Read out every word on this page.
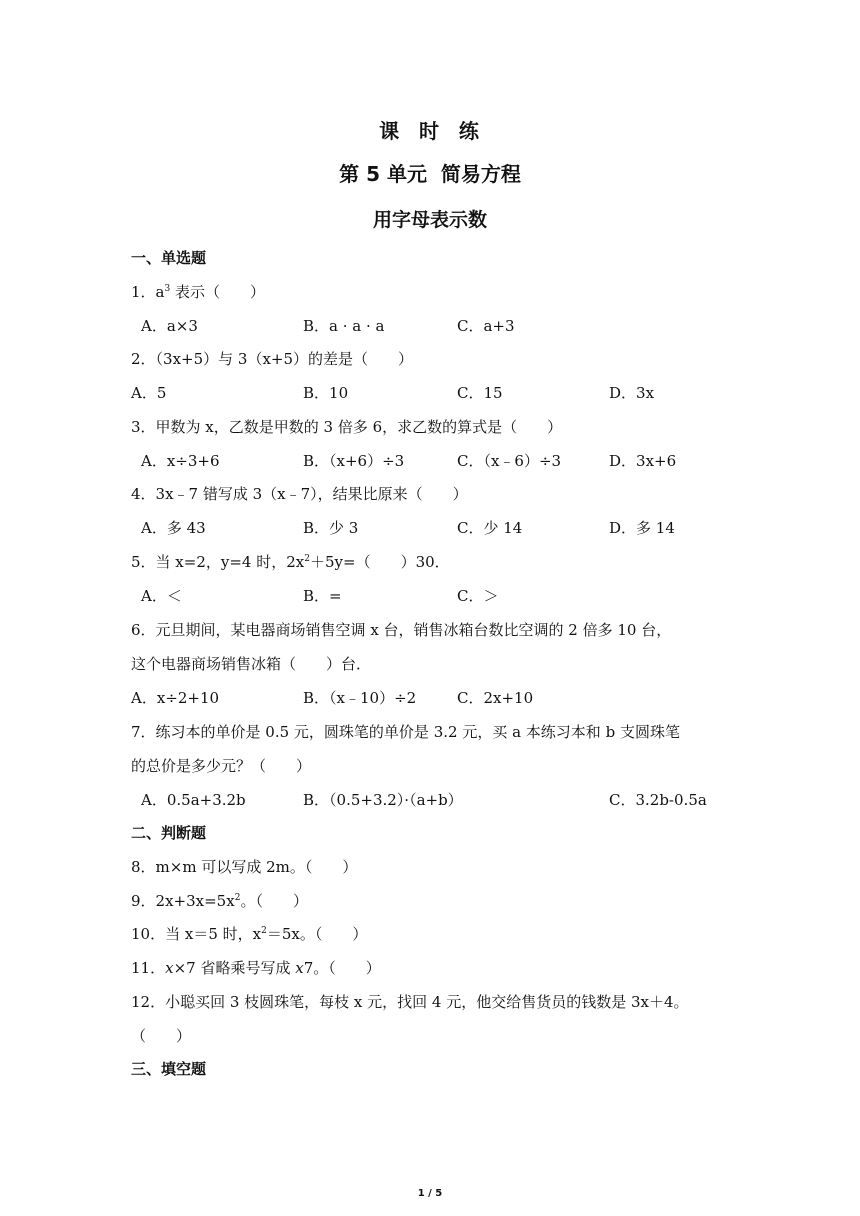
课  时  练
第 5 单元  简易方程
用字母表示数
一、单选题
1．$a^3$ 表示（　　）
A．a×3	B．a · a · a	C．a+3
2．（3x+5）与 3（x+5）的差是（　　）
A．5	B．10	C．15	D．3x
3．甲数为 x，乙数是甲数的 3 倍多 6，求乙数的算式是（　　）
A．x÷3+6	B．（x+6）÷3	C．（x﹣6）÷3	D．3x+6
4．3x﹣7 错写成 3（x﹣7），结果比原来（　　）
A．多 43	B．少 3	C．少 14	D．多 14
5．当 x=2，y=4 时，$2x^2+5y=$（　　）30．
A．＜	B．=	C．＞
6．元旦期间，某电器商场销售空调 x 台，销售冰箱台数比空调的 2 倍多 10 台，
这个电器商场销售冰箱（　　）台．
A．x÷2+10	B．（x﹣10）÷2	C．2x+10
7．练习本的单价是 0.5 元，圆珠笔的单价是 3.2 元，买 a 本练习本和 b 支圆珠笔
的总价是多少元？（　　）
A．0.5a+3.2b	B．（0.5+3.2）·（a+b）	C．3.2b-0.5a
二、判断题
8．m×m 可以写成 2m。（　　）
9．$2x+3x=5x^2$。（　　）
10．当 x＝5 时，$x^2=5x$。（　　）
11．x×7 省略乘号写成 x7。（　　）
12．小聪买回 3 枝圆珠笔，每枝 x 元，找回 4 元，他交给售货员的钱数是 3x＋4。
（　　）
三、填空题
1 / 5
